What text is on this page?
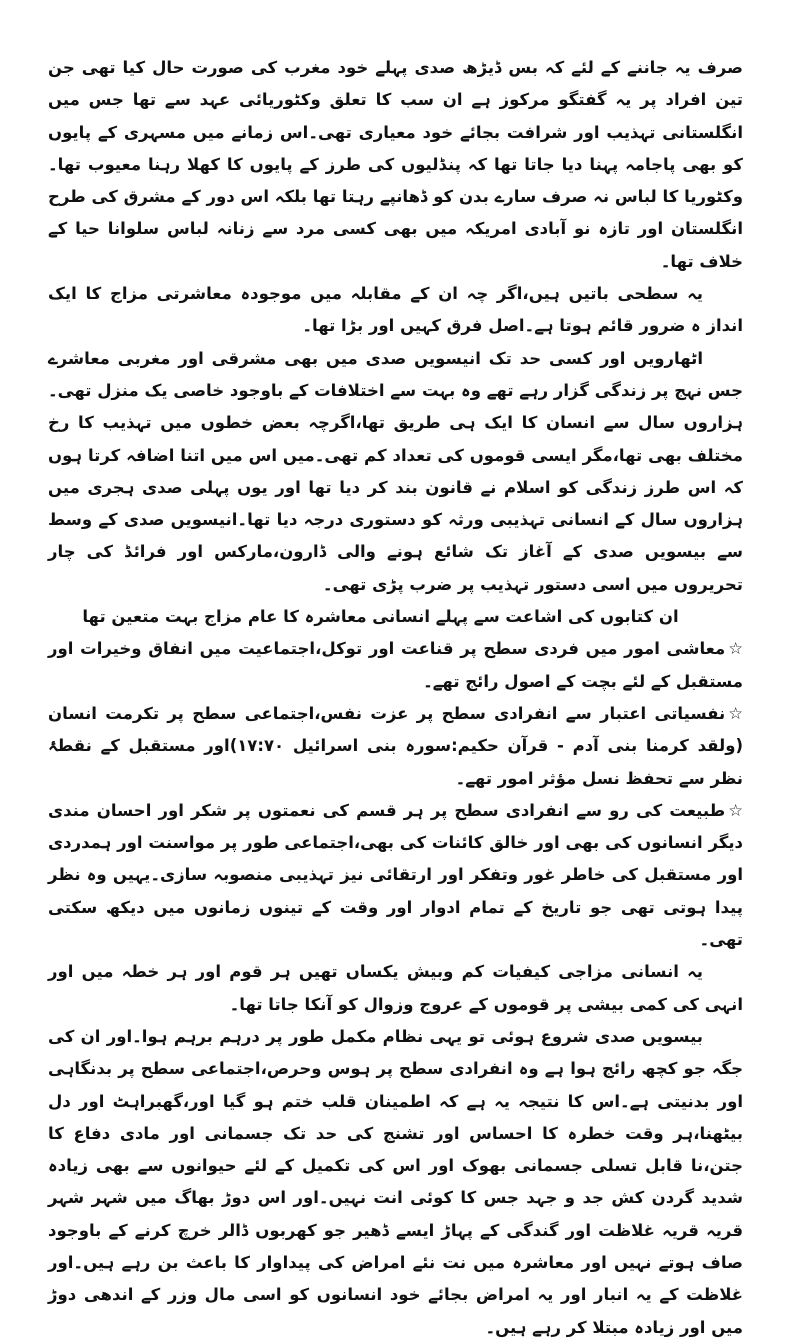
صرف یہ جاننے کے لئے کہ بس ڈیڑھ صدی پہلے خود مغرب کی صورت حال کیا تھی جن تین افراد پر یہ گفتگو مرکوز ہے ان سب کا تعلق وکٹوریائی عہد سے تھا جس میں انگلستانی تہذیب اور شرافت بجائے خود معیاری تھی۔اس زمانے میں مسہری کے پایوں کو بھی پاجامہ پہنا دیا جاتا تھا کہ پنڈلیوں کی طرز کے پایوں کا کھلا رہنا معیوب تھا۔وکٹوریا کا لباس نہ صرف سارے بدن کو ڈھانپے رہتا تھا بلکہ اس دور کے مشرق کی طرح انگلستان اور تازہ نو آبادی امریکہ میں بھی کسی مرد سے زنانہ لباس سلوانا حیا کے خلاف تھا۔

یہ سطحی باتیں ہیں،اگر چہ ان کے مقابلہ میں موجودہ معاشرتی مزاج کا ایک انداز ہ ضرور قائم ہوتا ہے۔اصل فرق کہیں اور بڑا تھا۔

اٹھارویں اور کسی حد تک انیسویں صدی میں بھی مشرقی اور مغربی معاشرے جس نہج پر زندگی گزار رہے تھے وہ بہت سے اختلافات کے باوجود خاصی یک منزل تھی۔ہزاروں سال سے انسان کا ایک ہی طریق تھا،اگرچہ بعض خطوں میں تہذیب کا رخ مختلف بھی تھا،مگر ایسی قوموں کی تعداد کم تھی۔میں اس میں اتنا اضافہ کرتا ہوں کہ اس طرز زندگی کو اسلام نے قانون بند کر دیا تھا اور یوں پہلی صدی ہجری میں ہزاروں سال کے انسانی تہذیبی ورثہ کو دستوری درجہ دیا تھا۔انیسویں صدی کے وسط سے بیسویں صدی کے آغاز تک شائع ہونے والی ڈارون،مارکس اور فرائڈ کی چار تحریروں میں اسی دستور تہذیب پر ضرب پڑی تھی۔

ان کتابوں کی اشاعت سے پہلے انسانی معاشرہ کا عام مزاج بہت متعین تھا

☆معاشی امور میں فردی سطح پر قناعت اور توکل،اجتماعیت میں انفاق وخیرات اور مستقبل کے لئے بچت کے اصول رائج تھے۔

☆نفسیاتی اعتبار سے انفرادی سطح پر عزت نفس،اجتماعی سطح پر تکرمت انسان (ولقد کرمنا بنی آدم - قرآن حکیم:سورہ بنی اسرائیل ۱۷:۷۰)اور مستقبل کے نقطۂ نظر سے تحفظ نسل مؤثر امور تھے۔

☆طبیعت کی رو سے انفرادی سطح پر ہر قسم کی نعمتوں پر شکر اور احسان مندی دیگر انسانوں کی بھی اور خالق کائنات کی بھی،اجتماعی طور پر مواسنت اور ہمدردی اور مستقبل کی خاطر غور وتفکر اور ارتقائی نیز تہذیبی منصوبہ سازی۔یہیں وہ نظر پیدا ہوتی تھی جو تاریخ کے تمام ادوار اور وقت کے تینوں زمانوں میں دیکھ سکتی تھی۔

یہ انسانی مزاجی کیفیات کم وبیش یکساں تھیں ہر قوم اور ہر خطہ میں اور انہی کی کمی بیشی پر قوموں کے عروج وزوال کو آنکا جاتا تھا۔

بیسویں صدی شروع ہوئی تو یہی نظام مکمل طور پر درہم برہم ہوا۔اور ان کی جگہ جو کچھ رائج ہوا ہے وہ انفرادی سطح پر ہوس وحرص،اجتماعی سطح پر بدنگاہی اور بدنیتی ہے۔اس کا نتیجہ یہ ہے کہ اطمینان قلب ختم ہو گیا اور،گھبراہٹ اور دل بیٹھنا،ہر وقت خطرہ کا احساس اور تشنج کی حد تک جسمانی اور مادی دفاع کا جتن،نا قابل تسلی جسمانی بھوک اور اس کی تکمیل کے لئے حیوانوں سے بھی زیادہ شدید گردن کش جد و جہد جس کا کوئی انت نہیں۔اور اس دوڑ بھاگ میں شہر شہر قریہ قریہ غلاظت اور گندگی کے پہاڑ ایسے ڈھیر جو کھربوں ڈالر خرچ کرنے کے باوجود صاف ہوتے نہیں اور معاشرہ میں نت نئے امراض کی پیداوار کا باعث بن رہے ہیں۔اور غلاظت کے یہ انبار اور یہ امراض بجائے خود انسانوں کو اسی مال وزر کے اندھی دوڑ میں اور زیادہ مبتلا کر رہے ہیں۔
